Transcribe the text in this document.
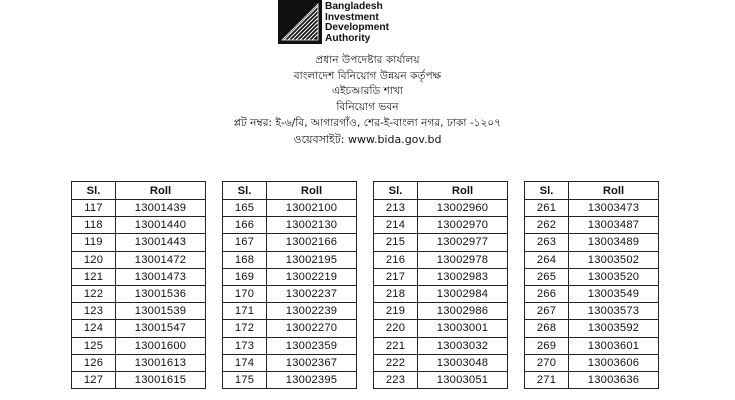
Bangladesh
Investment
Development
Authority
প্রধান উপদেষ্টার কার্যালয়
বাংলাদেশ বিনিয়োগ উন্নয়ন কর্তৃপক্ষ
এইচআরডি শাখা
বিনিয়োগ ভবন
প্লট নম্বর: ই-৬/বি, আগারগাঁও, শের-ই-বাংলা নগর, ঢাকা -১২০৭
ওয়েবসাইট: www.bida.gov.bd
Sl.	Roll
117	13001439
118	13001440
119	13001443
120	13001472
121	13001473
122	13001536
123	13001539
124	13001547
125	13001600
126	13001613
127	13001615
Sl.	Roll
165	13002100
166	13002130
167	13002166
168	13002195
169	13002219
170	13002237
171	13002239
172	13002270
173	13002359
174	13002367
175	13002395
Sl.	Roll
213	13002960
214	13002970
215	13002977
216	13002978
217	13002983
218	13002984
219	13002986
220	13003001
221	13003032
222	13003048
223	13003051
Sl.	Roll
261	13003473
262	13003487
263	13003489
264	13003502
265	13003520
266	13003549
267	13003573
268	13003592
269	13003601
270	13003606
271	13003636
